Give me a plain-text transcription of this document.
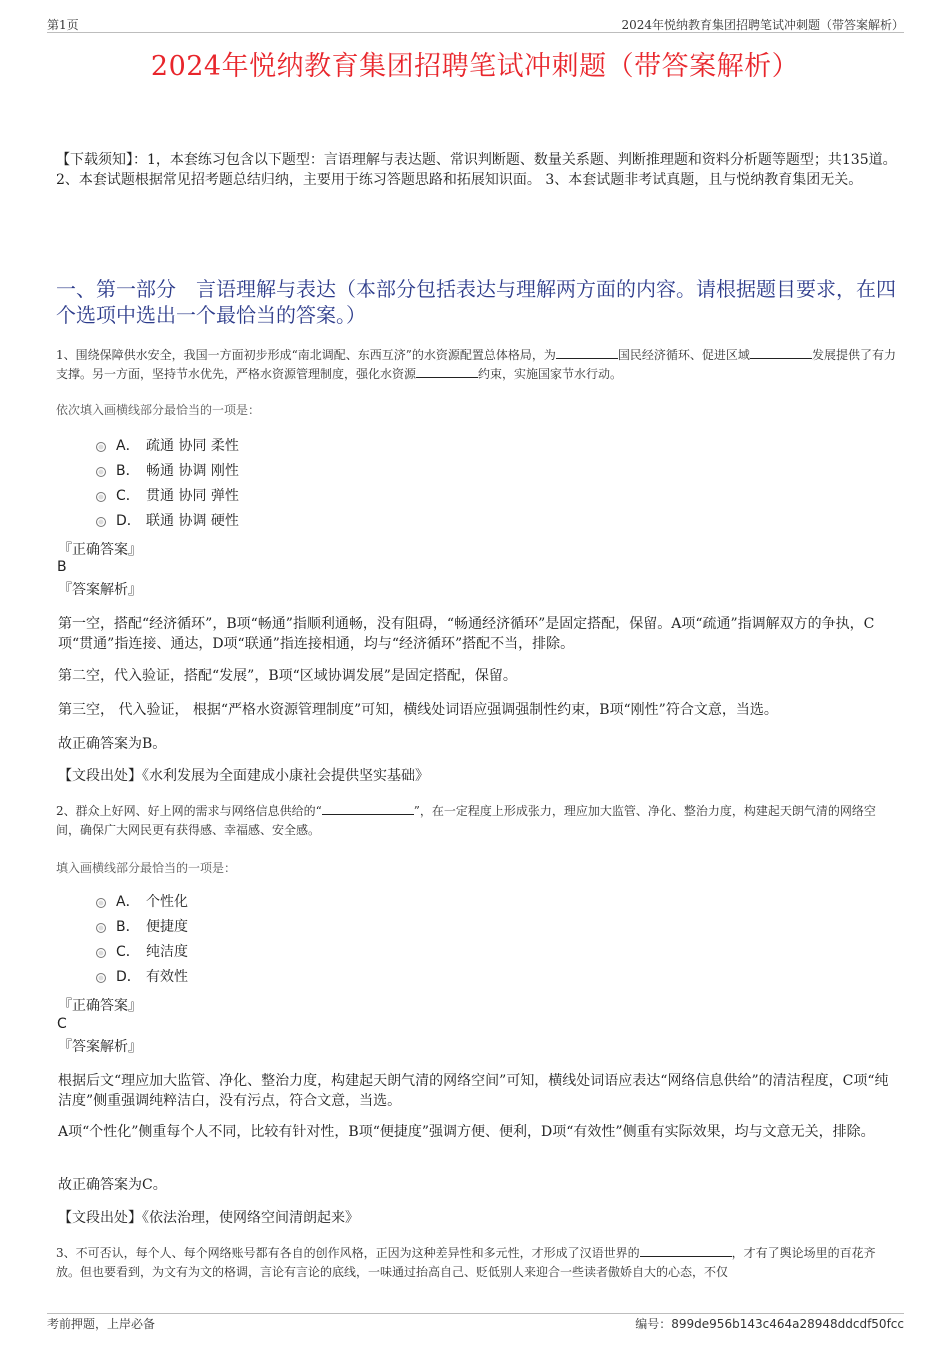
第1页	2024年悦纳教育集团招聘笔试冲刺题（带答案解析）
2024年悦纳教育集团招聘笔试冲刺题（带答案解析）
【下载须知】：1，本套练习包含以下题型：言语理解与表达题、常识判断题、数量关系题、判断推理题和资料分析题等题型；共135道。 2、本套试题根据常见招考题总结归纳，主要用于练习答题思路和拓展知识面。 3、本套试题非考试真题，且与悦纳教育集团无关。
一、第一部分　言语理解与表达（本部分包括表达与理解两方面的内容。请根据题目要求，在四个选项中选出一个最恰当的答案。）
1、围绕保障供水安全，我国一方面初步形成“南北调配、东西互济”的水资源配置总体格局，为	国民经济循环、促进区域	发展提供了有力支撑。另一方面，坚持节水优先，严格水资源管理制度，强化水资源	约束，实施国家节水行动。
依次填入画横线部分最恰当的一项是：
A． 疏通 协同 柔性
B． 畅通 协调 刚性
C． 贯通 协同 弹性
D． 联通 协调 硬性
『正确答案』
B
『答案解析』
第一空，搭配“经济循环”，B项“畅通”指顺利通畅，没有阻碍，“畅通经济循环”是固定搭配，保留。A项“疏通”指调解双方的争执，C项“贯通”指连接、通达，D项“联通”指连接相通，均与“经济循环”搭配不当，排除。
第二空，代入验证，搭配“发展”，B项“区域协调发展”是固定搭配，保留。
第三空， 代入验证， 根据“严格水资源管理制度”可知，横线处词语应强调强制性约束，B项“刚性”符合文意，当选。
故正确答案为B。
【文段出处】《水利发展为全面建成小康社会提供坚实基础》
2、群众上好网、好上网的需求与网络信息供给的“	”，在一定程度上形成张力，理应加大监管、净化、整治力度，构建起天朗气清的网络空间，确保广大网民更有获得感、幸福感、安全感。
填入画横线部分最恰当的一项是：
A． 个性化
B． 便捷度
C． 纯洁度
D． 有效性
『正确答案』
C
『答案解析』
根据后文“理应加大监管、净化、整治力度，构建起天朗气清的网络空间”可知，横线处词语应表达“网络信息供给”的清洁程度，C项“纯洁度”侧重强调纯粹洁白，没有污点，符合文意，当选。
A项“个性化”侧重每个人不同，比较有针对性，B项“便捷度”强调方便、便利，D项“有效性”侧重有实际效果，均与文意无关，排除。
故正确答案为C。
【文段出处】《依法治理，使网络空间清朗起来》
3、不可否认，每个人、每个网络账号都有各自的创作风格，正因为这种差异性和多元性，才形成了汉语世界的	，才有了舆论场里的百花齐放。但也要看到，为文有为文的格调，言论有言论的底线，一味通过抬高自己、贬低别人来迎合一些读者傲娇自大的心态，不仅
考前押题，上岸必备	编号：899de956b143c464a28948ddcdf50fcc
